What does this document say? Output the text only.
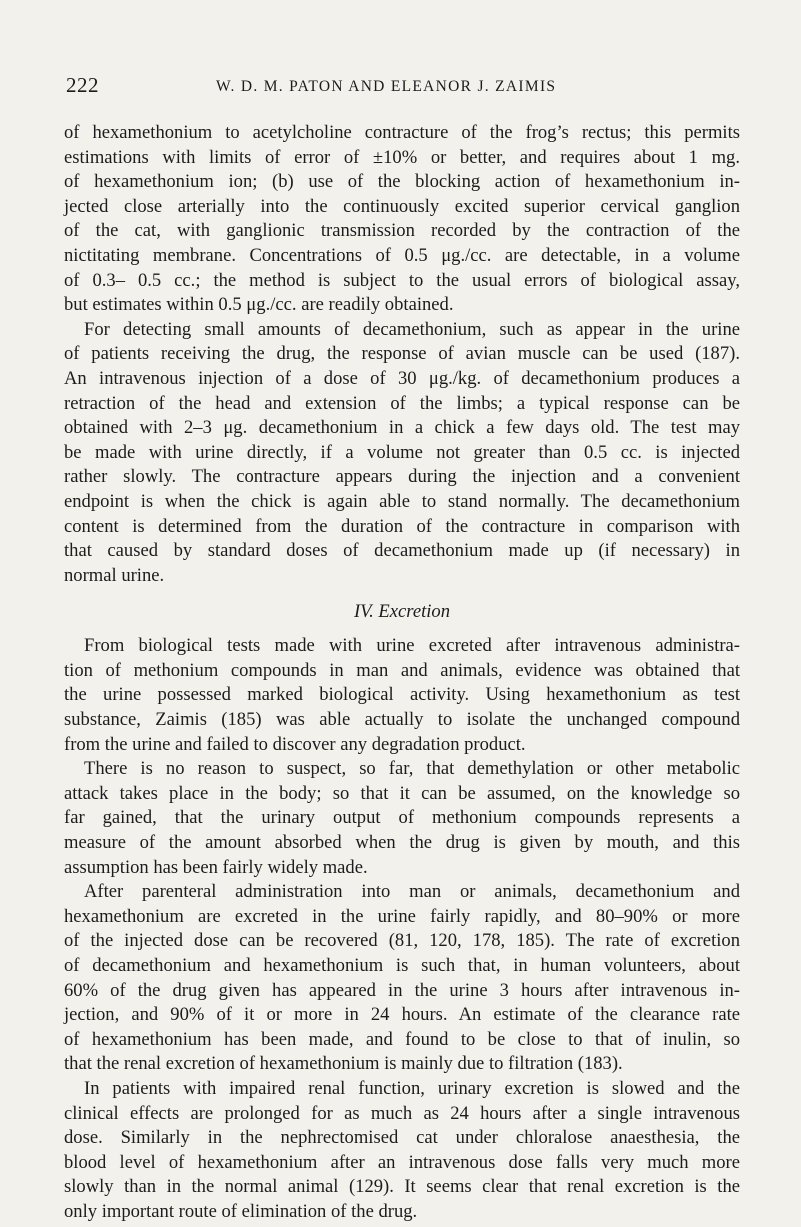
222	W. D. M. PATON AND ELEANOR J. ZAIMIS

of hexamethonium to acetylcholine contracture of the frog’s rectus; this permits
estimations with limits of error of ±10% or better, and requires about 1 mg.
of hexamethonium ion; (b) use of the blocking action of hexamethonium in-
jected close arterially into the continuously excited superior cervical ganglion
of the cat, with ganglionic transmission recorded by the contraction of the
nictitating membrane. Concentrations of 0.5 μg./cc. are detectable, in a volume
of 0.3– 0.5 cc.; the method is subject to the usual errors of biological assay,
but estimates within 0.5 μg./cc. are readily obtained.

For detecting small amounts of decamethonium, such as appear in the urine
of patients receiving the drug, the response of avian muscle can be used (187).
An intravenous injection of a dose of 30 μg./kg. of decamethonium produces a
retraction of the head and extension of the limbs; a typical response can be
obtained with 2–3 μg. decamethonium in a chick a few days old. The test may
be made with urine directly, if a volume not greater than 0.5 cc. is injected
rather slowly. The contracture appears during the injection and a convenient
endpoint is when the chick is again able to stand normally. The decamethonium
content is determined from the duration of the contracture in comparison with
that caused by standard doses of decamethonium made up (if necessary) in
normal urine.

IV. Excretion

From biological tests made with urine excreted after intravenous administra-
tion of methonium compounds in man and animals, evidence was obtained that
the urine possessed marked biological activity. Using hexamethonium as test
substance, Zaimis (185) was able actually to isolate the unchanged compound
from the urine and failed to discover any degradation product.

There is no reason to suspect, so far, that demethylation or other metabolic
attack takes place in the body; so that it can be assumed, on the knowledge so
far gained, that the urinary output of methonium compounds represents a
measure of the amount absorbed when the drug is given by mouth, and this
assumption has been fairly widely made.

After parenteral administration into man or animals, decamethonium and
hexamethonium are excreted in the urine fairly rapidly, and 80–90% or more
of the injected dose can be recovered (81, 120, 178, 185). The rate of excretion
of decamethonium and hexamethonium is such that, in human volunteers, about
60% of the drug given has appeared in the urine 3 hours after intravenous in-
jection, and 90% of it or more in 24 hours. An estimate of the clearance rate
of hexamethonium has been made, and found to be close to that of inulin, so
that the renal excretion of hexamethonium is mainly due to filtration (183).

In patients with impaired renal function, urinary excretion is slowed and the
clinical effects are prolonged for as much as 24 hours after a single intravenous
dose. Similarly in the nephrectomised cat under chloralose anaesthesia, the
blood level of hexamethonium after an intravenous dose falls very much more
slowly than in the normal animal (129). It seems clear that renal excretion is the
only important route of elimination of the drug.
